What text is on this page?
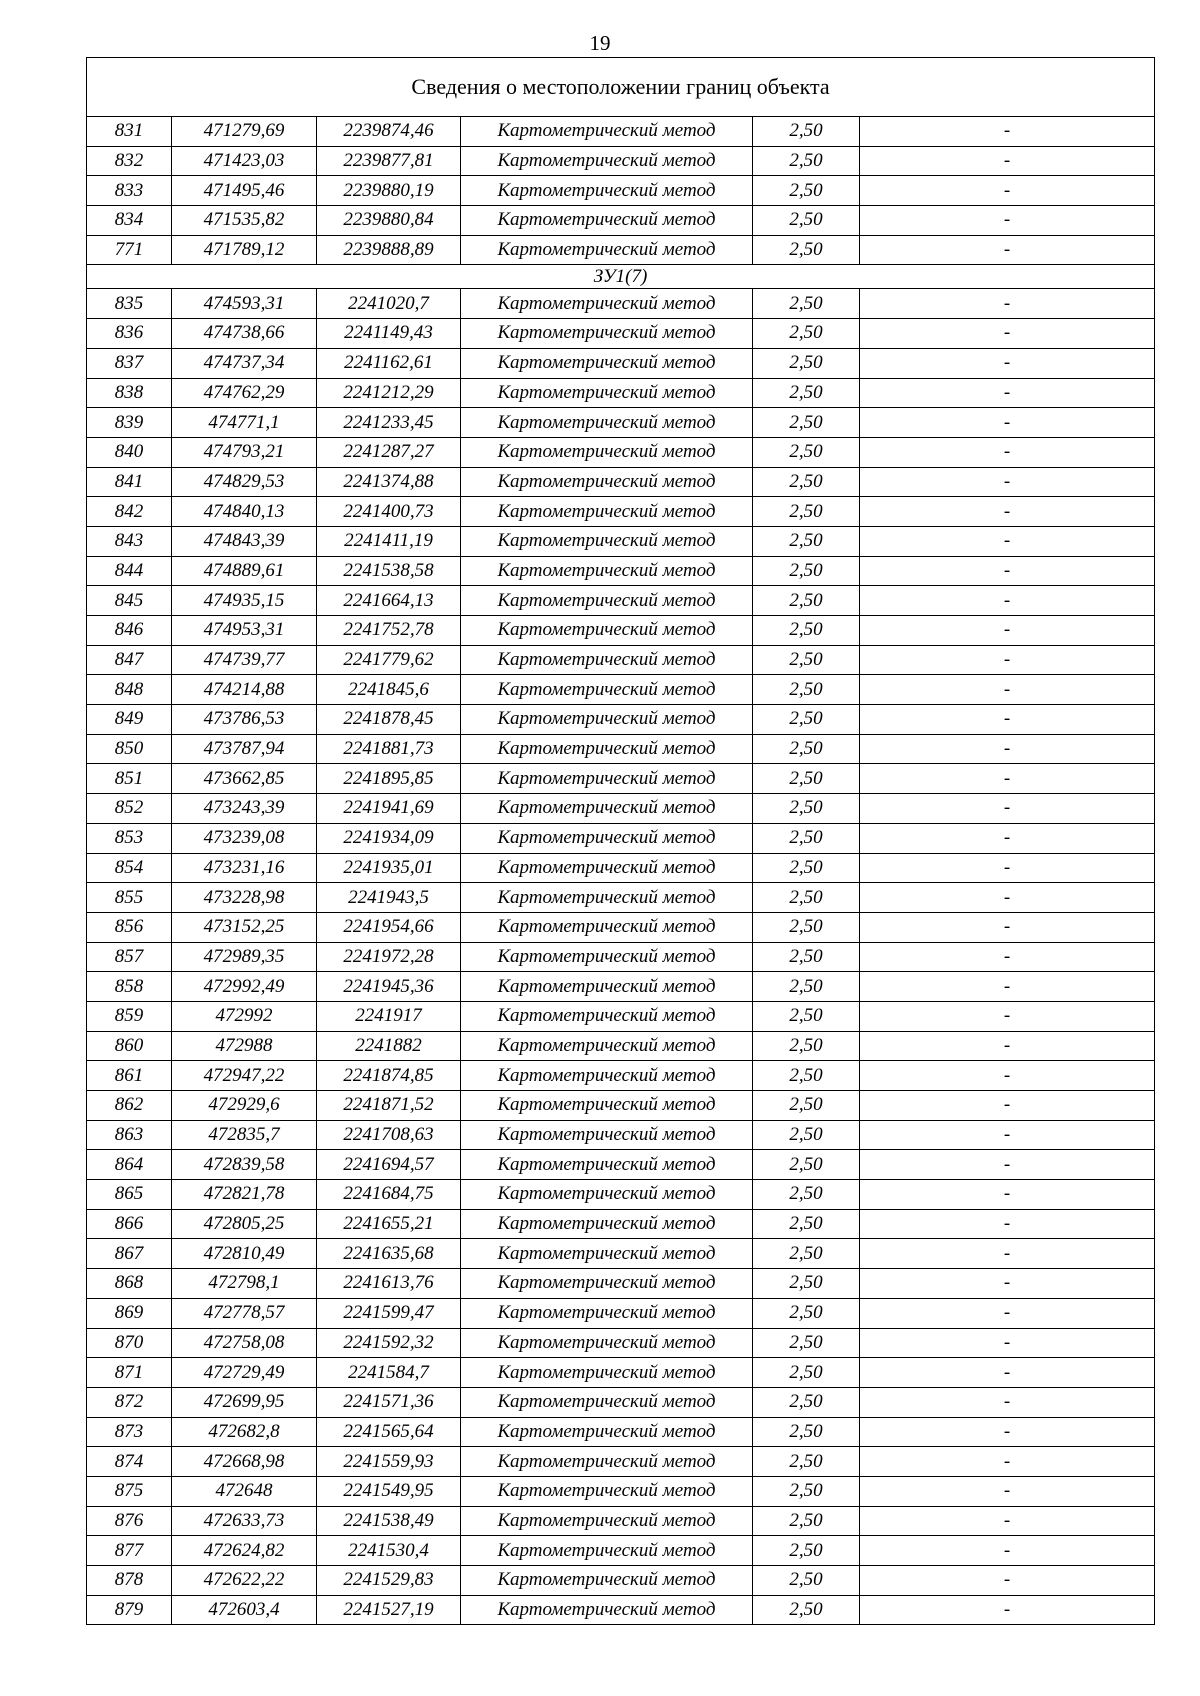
19
Сведения о местоположении границ объекта					
831	471279,69	2239874,46	Картометрический метод	2,50	-
832	471423,03	2239877,81	Картометрический метод	2,50	-
833	471495,46	2239880,19	Картометрический метод	2,50	-
834	471535,82	2239880,84	Картометрический метод	2,50	-
771	471789,12	2239888,89	Картометрический метод	2,50	-
ЗУ1(7)					
835	474593,31	2241020,7	Картометрический метод	2,50	-
836	474738,66	2241149,43	Картометрический метод	2,50	-
837	474737,34	2241162,61	Картометрический метод	2,50	-
838	474762,29	2241212,29	Картометрический метод	2,50	-
839	474771,1	2241233,45	Картометрический метод	2,50	-
840	474793,21	2241287,27	Картометрический метод	2,50	-
841	474829,53	2241374,88	Картометрический метод	2,50	-
842	474840,13	2241400,73	Картометрический метод	2,50	-
843	474843,39	2241411,19	Картометрический метод	2,50	-
844	474889,61	2241538,58	Картометрический метод	2,50	-
845	474935,15	2241664,13	Картометрический метод	2,50	-
846	474953,31	2241752,78	Картометрический метод	2,50	-
847	474739,77	2241779,62	Картометрический метод	2,50	-
848	474214,88	2241845,6	Картометрический метод	2,50	-
849	473786,53	2241878,45	Картометрический метод	2,50	-
850	473787,94	2241881,73	Картометрический метод	2,50	-
851	473662,85	2241895,85	Картометрический метод	2,50	-
852	473243,39	2241941,69	Картометрический метод	2,50	-
853	473239,08	2241934,09	Картометрический метод	2,50	-
854	473231,16	2241935,01	Картометрический метод	2,50	-
855	473228,98	2241943,5	Картометрический метод	2,50	-
856	473152,25	2241954,66	Картометрический метод	2,50	-
857	472989,35	2241972,28	Картометрический метод	2,50	-
858	472992,49	2241945,36	Картометрический метод	2,50	-
859	472992	2241917	Картометрический метод	2,50	-
860	472988	2241882	Картометрический метод	2,50	-
861	472947,22	2241874,85	Картометрический метод	2,50	-
862	472929,6	2241871,52	Картометрический метод	2,50	-
863	472835,7	2241708,63	Картометрический метод	2,50	-
864	472839,58	2241694,57	Картометрический метод	2,50	-
865	472821,78	2241684,75	Картометрический метод	2,50	-
866	472805,25	2241655,21	Картометрический метод	2,50	-
867	472810,49	2241635,68	Картометрический метод	2,50	-
868	472798,1	2241613,76	Картометрический метод	2,50	-
869	472778,57	2241599,47	Картометрический метод	2,50	-
870	472758,08	2241592,32	Картометрический метод	2,50	-
871	472729,49	2241584,7	Картометрический метод	2,50	-
872	472699,95	2241571,36	Картометрический метод	2,50	-
873	472682,8	2241565,64	Картометрический метод	2,50	-
874	472668,98	2241559,93	Картометрический метод	2,50	-
875	472648	2241549,95	Картометрический метод	2,50	-
876	472633,73	2241538,49	Картометрический метод	2,50	-
877	472624,82	2241530,4	Картометрический метод	2,50	-
878	472622,22	2241529,83	Картометрический метод	2,50	-
879	472603,4	2241527,19	Картометрический метод	2,50	-
